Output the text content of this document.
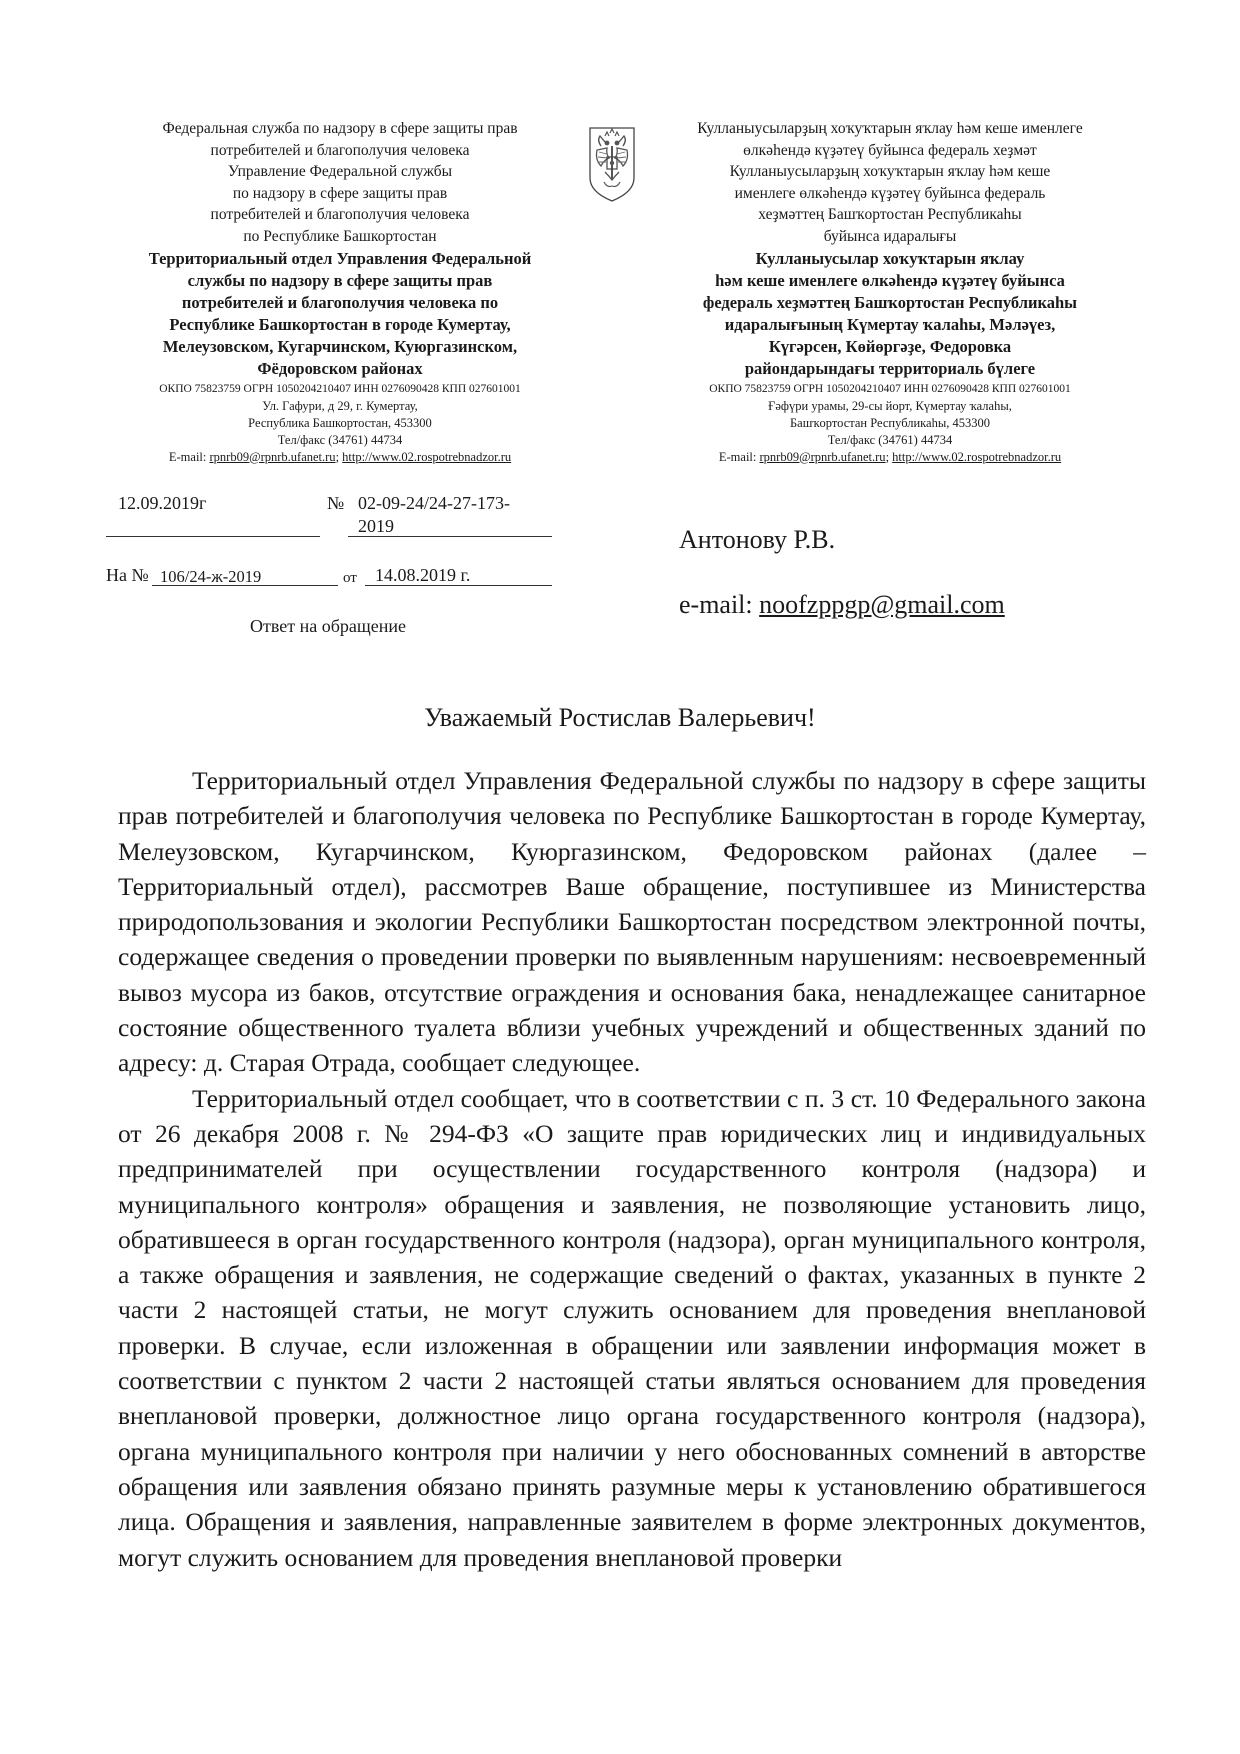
Федеральная служба по надзору в сфере защиты прав
потребителей и благополучия человека
Управление Федеральной службы
по надзору в сфере защиты прав
потребителей и благополучия человека
по Республике Башкортостан
Территориальный отдел Управления Федеральной
службы по надзору в сфере защиты прав
потребителей и благополучия человека по
Республике Башкортостан в городе Кумертау,
Мелеузовском, Кугарчинском, Куюргазинском,
Фёдоровском районах
ОКПО 75823759 ОГРН 1050204210407 ИНН 0276090428 КПП 027601001
Ул. Гафури, д 29, г. Кумертау,
Республика Башкортостан, 453300
Тел/факс (34761) 44734
E-mail: rpnrb09@rpnrb.ufanet.ru; http://www.02.rospotrebnadzor.ru
Кулланыусыларҙың хоҡуҡтарын яҡлау һәм кеше именлеге
өлкәһендә күҙәтеү буйынса федераль хеҙмәт
Кулланыусыларҙың хоҡуҡтарын яҡлау һәм кеше
именлеге өлкәһендә күҙәтеү буйынса федераль
хеҙмәттең Башҡортостан Республикаһы
буйынса идаралығы
Кулланыусылар хоҡуҡтарын яҡлау
һәм кеше именлеге өлкәһендә күҙәтеү буйынса
федераль хеҙмәттең Башҡортостан Республикаһы
идаралығының Күмертау ҡалаһы, Мәләүез,
Күгәрсен, Көйөргәҙе, Федоровка
райондарындағы территориаль бүлеге
ОКПО 75823759 ОГРН 1050204210407 ИНН 0276090428 КПП 027601001
Ғәфүри урамы, 29-сы йорт, Күмертау ҡалаһы,
Башҡортостан Республикаһы, 453300
Тел/факс (34761) 44734
E-mail: rpnrb09@rpnrb.ufanet.ru; http://www.02.rospotrebnadzor.ru
12.09.2019г	№ 02-09-24/24-27-173-
2019
На № 106/24-ж-2019	от 14.08.2019 г.
Антонову Р.В.
e-mail: noofzppgp@gmail.com
Ответ на обращение
Уважаемый Ростислав Валерьевич!

Территориальный отдел Управления Федеральной службы по надзору в сфере защиты прав потребителей и благополучия человека по Республике Башкортостан в городе Кумертау, Мелеузовском, Кугарчинском, Куюргазинском, Федоровском районах (далее – Территориальный отдел), рассмотрев Ваше обращение, поступившее из Министерства природопользования и экологии Республики Башкортостан посредством электронной почты, содержащее сведения о проведении проверки по выявленным нарушениям: несвоевременный вывоз мусора из баков, отсутствие ограждения и основания бака, ненадлежащее санитарное состояние общественного туалета вблизи учебных учреждений и общественных зданий по адресу: д. Старая Отрада, сообщает следующее.

Территориальный отдел сообщает, что в соответствии с п. 3 ст. 10 Федерального закона от 26 декабря 2008 г. № 294-ФЗ «О защите прав юридических лиц и индивидуальных предпринимателей при осуществлении государственного контроля (надзора) и муниципального контроля» обращения и заявления, не позволяющие установить лицо, обратившееся в орган государственного контроля (надзора), орган муниципального контроля, а также обращения и заявления, не содержащие сведений о фактах, указанных в пункте 2 части 2 настоящей статьи, не могут служить основанием для проведения внеплановой проверки. В случае, если изложенная в обращении или заявлении информация может в соответствии с пунктом 2 части 2 настоящей статьи являться основанием для проведения внеплановой проверки, должностное лицо органа государственного контроля (надзора), органа муниципального контроля при наличии у него обоснованных сомнений в авторстве обращения или заявления обязано принять разумные меры к установлению обратившегося лица. Обращения и заявления, направленные заявителем в форме электронных документов, могут служить основанием для проведения внеплановой проверки
